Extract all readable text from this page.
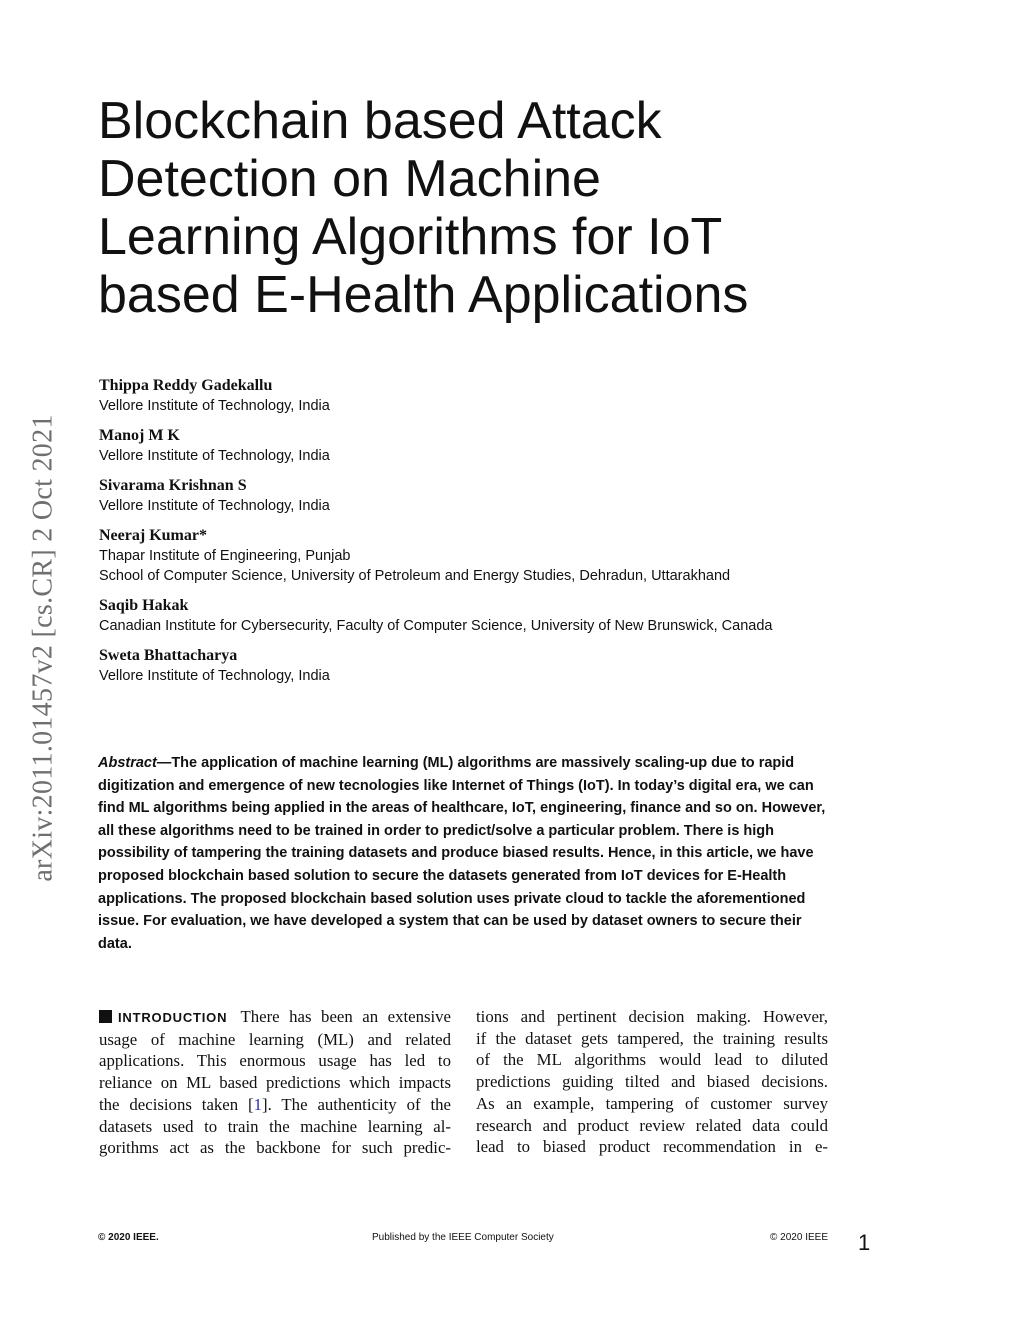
arXiv:2011.01457v2 [cs.CR] 2 Oct 2021
Blockchain based Attack
Detection on Machine
Learning Algorithms for IoT
based E-Health Applications
Thippa Reddy Gadekallu
Vellore Institute of Technology, India
Manoj M K
Vellore Institute of Technology, India
Sivarama Krishnan S
Vellore Institute of Technology, India
Neeraj Kumar*
Thapar Institute of Engineering, Punjab
School of Computer Science, University of Petroleum and Energy Studies, Dehradun, Uttarakhand
Saqib Hakak
Canadian Institute for Cybersecurity, Faculty of Computer Science, University of New Brunswick, Canada
Sweta Bhattacharya
Vellore Institute of Technology, India

Abstract—The application of machine learning (ML) algorithms are massively scaling-up due to rapid digitization and emergence of new tecnologies like Internet of Things (IoT). In today’s digital era, we can find ML algorithms being applied in the areas of healthcare, IoT, engineering, finance and so on. However, all these algorithms need to be trained in order to predict/solve a particular problem. There is high possibility of tampering the training datasets and produce biased results. Hence, in this article, we have proposed blockchain based solution to secure the datasets generated from IoT devices for E-Health applications. The proposed blockchain based solution uses private cloud to tackle the aforementioned issue. For evaluation, we have developed a system that can be used by dataset owners to secure their data.

INTRODUCTION There has been an extensive
usage of machine learning (ML) and related
applications. This enormous usage has led to
reliance on ML based predictions which impacts
the decisions taken [1]. The authenticity of the
datasets used to train the machine learning al-
gorithms act as the backbone for such predic-
tions and pertinent decision making. However,
if the dataset gets tampered, the training results
of the ML algorithms would lead to diluted
predictions guiding tilted and biased decisions.
As an example, tampering of customer survey
research and product review related data could
lead to biased product recommendation in e-
© 2020 IEEE.	Published by the IEEE Computer Society	© 2020 IEEE 1
